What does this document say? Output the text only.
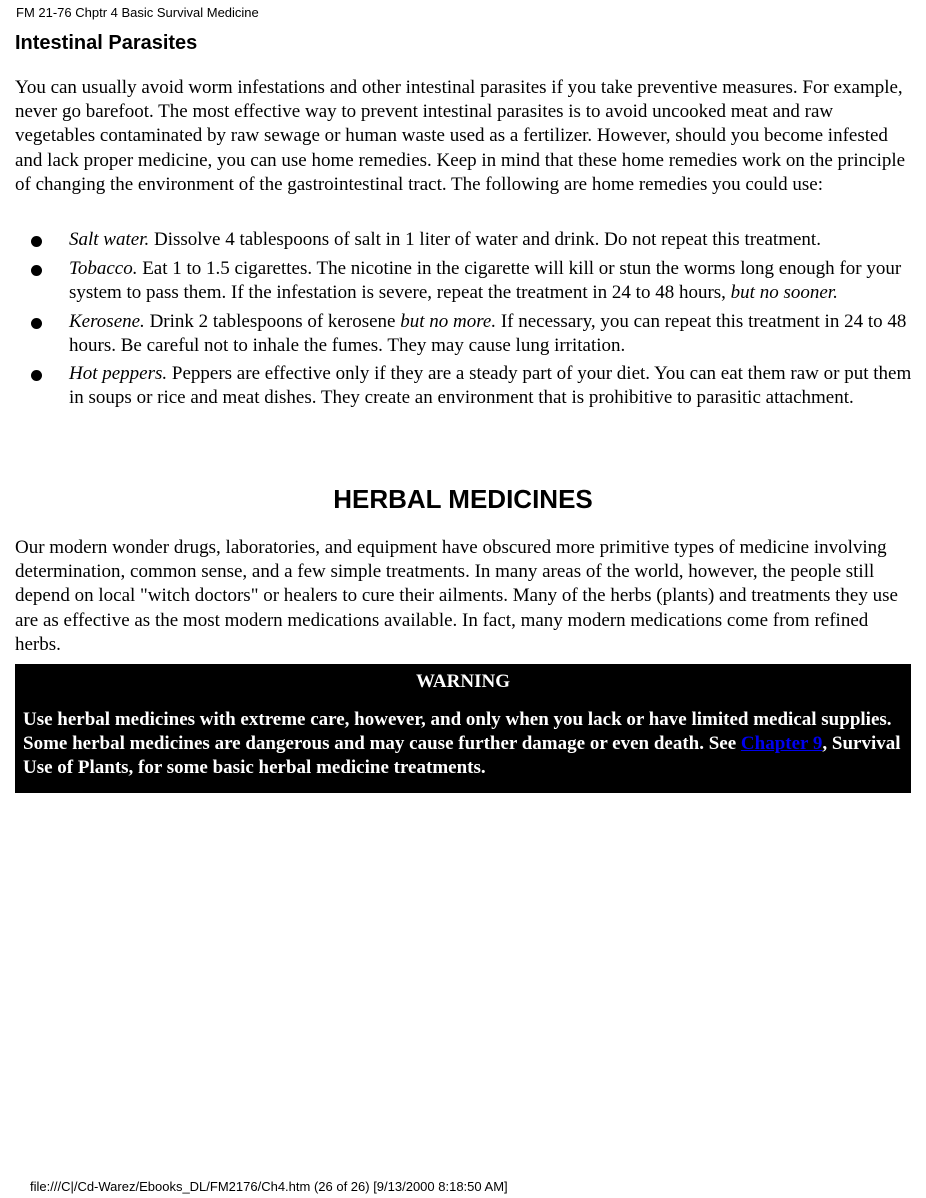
FM 21-76 Chptr 4 Basic Survival Medicine
Intestinal Parasites

You can usually avoid worm infestations and other intestinal parasites if you take preventive measures. For example, never go barefoot. The most effective way to prevent intestinal parasites is to avoid uncooked meat and raw vegetables contaminated by raw sewage or human waste used as a fertilizer. However, should you become infested and lack proper medicine, you can use home remedies. Keep in mind that these home remedies work on the principle of changing the environment of the gastrointestinal tract. The following are home remedies you could use:

Salt water. Dissolve 4 tablespoons of salt in 1 liter of water and drink. Do not repeat this treatment.
Tobacco. Eat 1 to 1.5 cigarettes. The nicotine in the cigarette will kill or stun the worms long enough for your system to pass them. If the infestation is severe, repeat the treatment in 24 to 48 hours, but no sooner.
Kerosene. Drink 2 tablespoons of kerosene but no more. If necessary, you can repeat this treatment in 24 to 48 hours. Be careful not to inhale the fumes. They may cause lung irritation.
Hot peppers. Peppers are effective only if they are a steady part of your diet. You can eat them raw or put them in soups or rice and meat dishes. They create an environment that is prohibitive to parasitic attachment.
HERBAL MEDICINES

Our modern wonder drugs, laboratories, and equipment have obscured more primitive types of medicine involving determination, common sense, and a few simple treatments. In many areas of the world, however, the people still depend on local "witch doctors" or healers to cure their ailments. Many of the herbs (plants) and treatments they use are as effective as the most modern medications available. In fact, many modern medications come from refined herbs.

WARNING

Use herbal medicines with extreme care, however, and only when you lack or have limited medical supplies. Some herbal medicines are dangerous and may cause further damage or even death. See Chapter 9, Survival Use of Plants, for some basic herbal medicine treatments.

file:///C|/Cd-Warez/Ebooks_DL/FM2176/Ch4.htm (26 of 26) [9/13/2000 8:18:50 AM]
